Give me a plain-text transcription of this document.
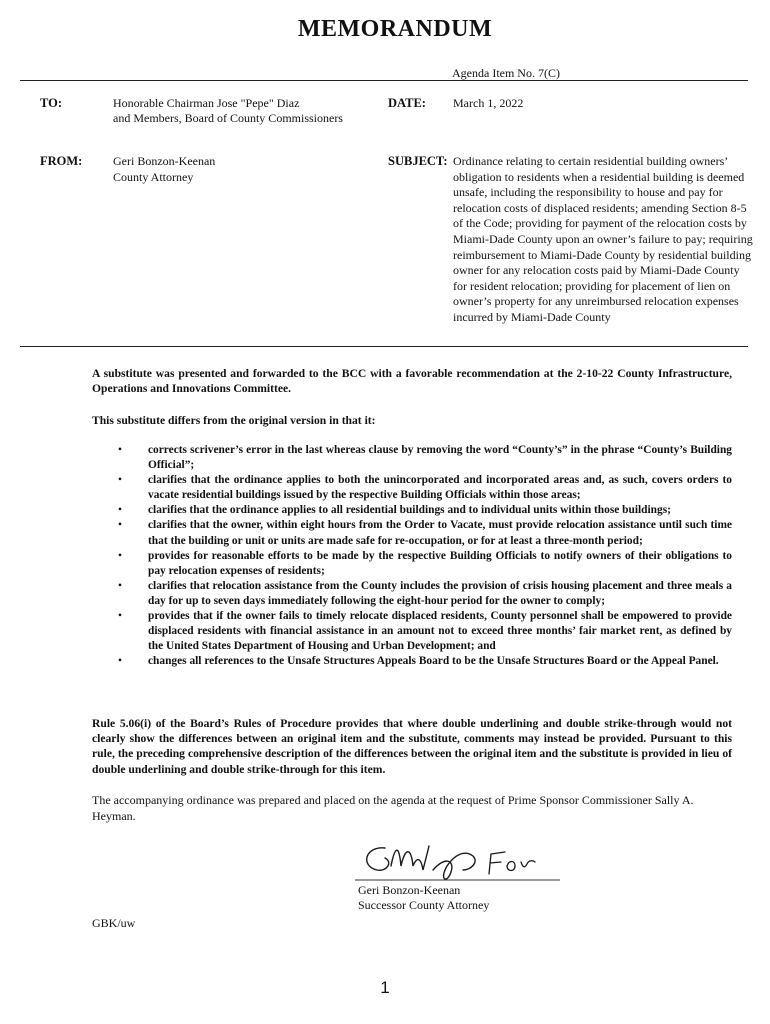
MEMORANDUM
Agenda Item No. 7(C)
TO:	Honorable Chairman Jose "Pepe" Diaz
and Members, Board of County Commissioners
DATE: March 1, 2022
FROM:	Geri Bonzon-Keenan
County Attorney
SUBJECT: Ordinance relating to certain residential building owners’ obligation to residents when a residential building is deemed unsafe, including the responsibility to house and pay for relocation costs of displaced residents; amending Section 8-5 of the Code; providing for payment of the relocation costs by Miami-Dade County upon an owner’s failure to pay; requiring reimbursement to Miami-Dade County by residential building owner for any relocation costs paid by Miami-Dade County for resident relocation; providing for placement of lien on owner’s property for any unreimbursed relocation expenses incurred by Miami-Dade County
A substitute was presented and forwarded to the BCC with a favorable recommendation at the 2-10-22 County Infrastructure, Operations and Innovations Committee.
This substitute differs from the original version in that it:
• corrects scrivener’s error in the last whereas clause by removing the word “County’s” in the phrase “County’s Building Official”;
• clarifies that the ordinance applies to both the unincorporated and incorporated areas and, as such, covers orders to vacate residential buildings issued by the respective Building Officials within those areas;
• clarifies that the ordinance applies to all residential buildings and to individual units within those buildings;
• clarifies that the owner, within eight hours from the Order to Vacate, must provide relocation assistance until such time that the building or unit or units are made safe for re-occupation, or for at least a three-month period;
• provides for reasonable efforts to be made by the respective Building Officials to notify owners of their obligations to pay relocation expenses of residents;
• clarifies that relocation assistance from the County includes the provision of crisis housing placement and three meals a day for up to seven days immediately following the eight-hour period for the owner to comply;
• provides that if the owner fails to timely relocate displaced residents, County personnel shall be empowered to provide displaced residents with financial assistance in an amount not to exceed three months’ fair market rent, as defined by the United States Department of Housing and Urban Development; and
• changes all references to the Unsafe Structures Appeals Board to be the Unsafe Structures Board or the Appeal Panel.
Rule 5.06(i) of the Board’s Rules of Procedure provides that where double underlining and double strike-through would not clearly show the differences between an original item and the substitute, comments may instead be provided. Pursuant to this rule, the preceding comprehensive description of the differences between the original item and the substitute is provided in lieu of double underlining and double strike-through for this item.
The accompanying ordinance was prepared and placed on the agenda at the request of Prime Sponsor Commissioner Sally A. Heyman.
Geri Bonzon-Keenan
Successor County Attorney
GBK/uw
1
